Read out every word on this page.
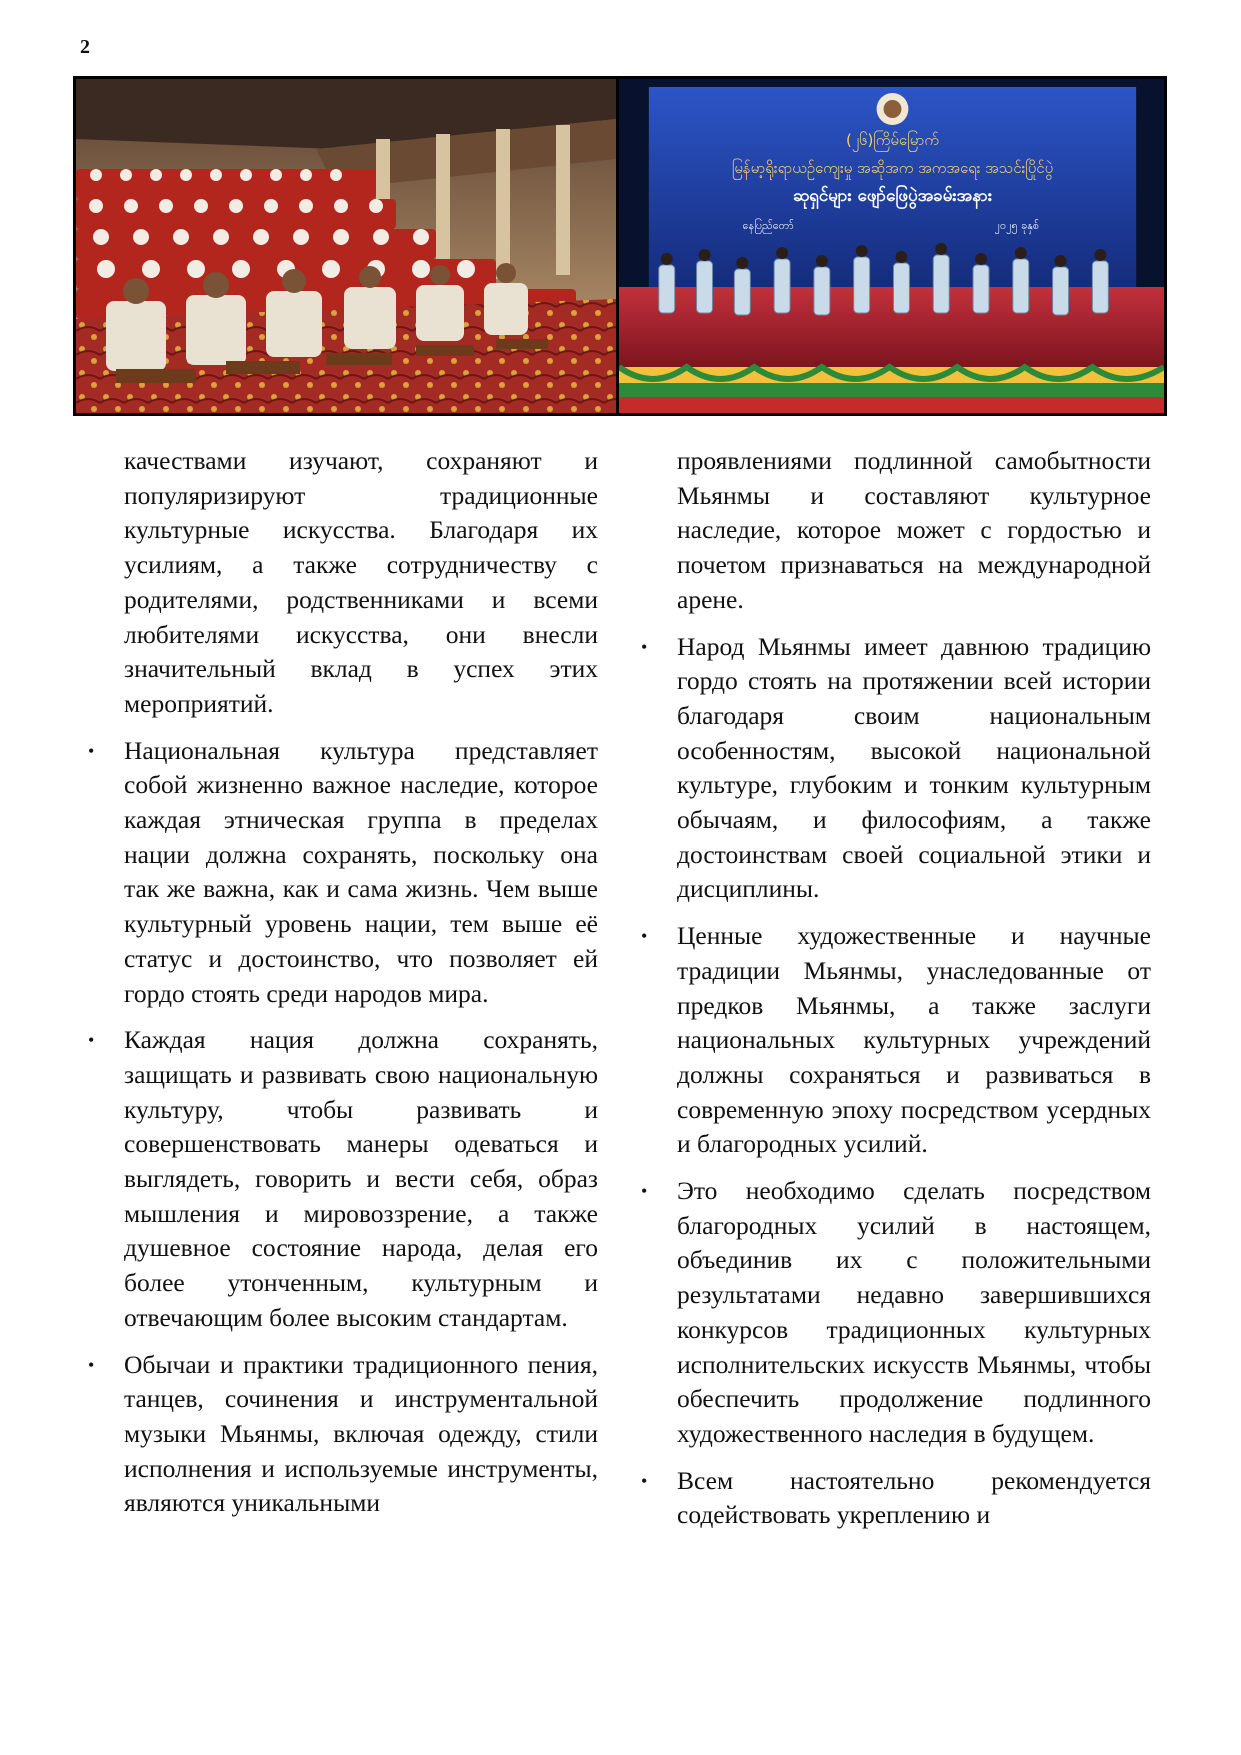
2
(၂၆)ကြိမ်မြောက်
မြန်မာ့ရိုးရာယဉ်ကျေးမှု အဆိုအက အကအရေး အသင်းပြိုင်ပွဲ
ဆုရှင်များ ဖျော်ဖြေပွဲအခမ်းအနား
နေပြည်တော်	၂၀၂၅ ခုနှစ်

качествами изучают, сохраняют и популяризируют традиционные культурные искусства. Благодаря их усилиям, а также сотрудничеству с родителями, родственниками и всеми любителями искусства, они внесли значительный вклад в успех этих мероприятий.

•
Национальная культура представляет собой жизненно важное наследие, которое каждая этническая группа в пределах нации должна сохранять, поскольку она так же важна, как и сама жизнь. Чем выше культурный уровень нации, тем выше её статус и достоинство, что позволяет ей гордо стоять среди народов мира.
•
Каждая нация должна сохранять, защищать и развивать свою национальную культуру, чтобы развивать и совершенствовать манеры одеваться и выглядеть, говорить и вести себя, образ мышления и мировоззрение, а также душевное состояние народа, делая его более утонченным, культурным и отвечающим более высоким стандартам.
•
Обычаи и практики традиционного пения, танцев, сочинения и инструментальной музыки Мьянмы, включая одежду, стили исполнения и используемые инструменты, являются уникальными

проявлениями подлинной самобытности Мьянмы и составляют культурное наследие, которое может с гордостью и почетом признаваться на международной арене.

•
Народ Мьянмы имеет давнюю традицию гордо стоять на протяжении всей истории благодаря своим национальным особенностям, высокой национальной культуре, глубоким и тонким культурным обычаям, и философиям, а также достоинствам своей социальной этики и дисциплины.
•
Ценные художественные и научные традиции Мьянмы, унаследованные от предков Мьянмы, а также заслуги национальных культурных учреждений должны сохраняться и развиваться в современную эпоху посредством усердных и благородных усилий.
•
Это необходимо сделать посредством благородных усилий в настоящем, объединив их с положительными результатами недавно завершившихся конкурсов традиционных культурных исполнительских искусств Мьянмы, чтобы обеспечить продолжение подлинного художественного наследия в будущем.
•
Всем настоятельно рекомендуется содействовать укреплению и
